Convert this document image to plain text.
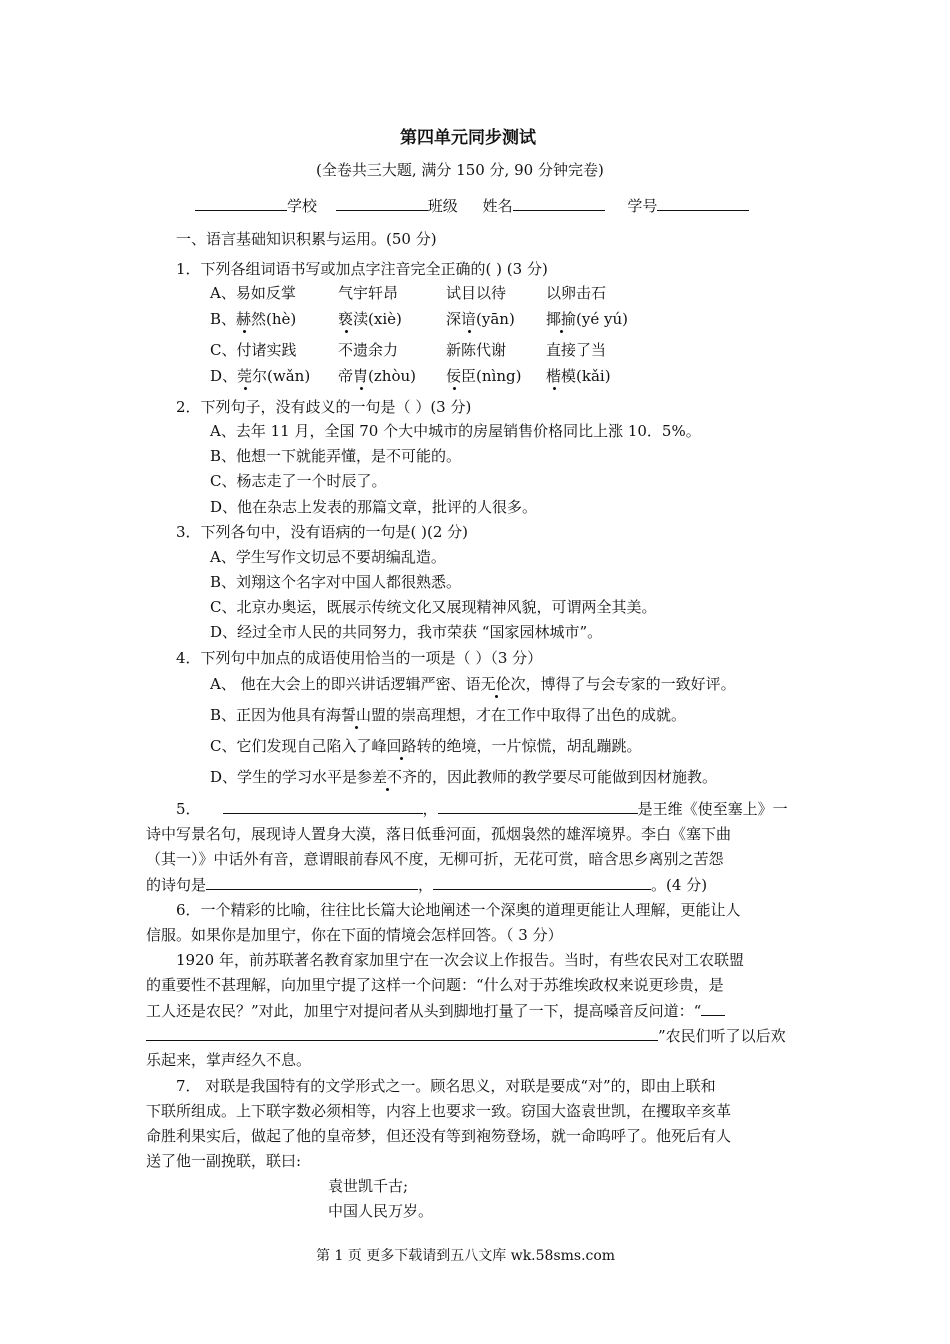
第四单元同步测试
(全卷共三大题, 满分 150 分, 90 分钟完卷)
学校	班级 姓名	学号
一、语言基础知识积累与运用。(50 分)
1．下列各组词语书写或加点字注音完全正确的( ) (3 分)
A、易如反掌	气宇轩昂	试目以待	以卵击石
B、赫然(hè)	亵渎(xiè)	深谙(yān) 揶揄(yé yú)
C、付诸实践	不遗余力	新陈代谢	直接了当
D、莞尔(wǎn) 帝胄(zhòu) 佞臣(nìng) 楷模(kǎi)
2．下列句子，没有歧义的一句是（ ）(3 分)
A、去年 11 月，全国 70 个大中城市的房屋销售价格同比上涨 10．5%。
B、他想一下就能弄懂，是不可能的。
C、杨志走了一个时辰了。
D、他在杂志上发表的那篇文章，批评的人很多。
3．下列各句中，没有语病的一句是( )(2 分)
A、学生写作文切忌不要胡编乱造。
B、刘翔这个名字对中国人都很熟悉。
C、北京办奥运，既展示传统文化又展现精神风貌，可谓两全其美。
D、经过全市人民的共同努力，我市荣获 “国家园林城市”。
4．下列句中加点的成语使用恰当的一项是（ ）（3 分）
A、 他在大会上的即兴讲话逻辑严密、语无伦次，博得了与会专家的一致好评。
B、正因为他具有海誓山盟的崇高理想，才在工作中取得了出色的成就。
C、它们发现自己陷入了峰回路转的绝境，一片惊慌，胡乱蹦跳。
D、学生的学习水平是参差不齐的，因此教师的教学要尽可能做到因材施教。
5．	，	是王维《使至塞上》一
诗中写景名句，展现诗人置身大漠，落日低垂河面，孤烟袅然的雄浑境界。李白《塞下曲
（其一）》中话外有音，意谓眼前春风不度，无柳可折，无花可赏，暗含思乡离别之苦怨
的诗句是	，	。(4 分)
6．一个精彩的比喻，往往比长篇大论地阐述一个深奥的道理更能让人理解，更能让人
信服。如果你是加里宁，你在下面的情境会怎样回答。（ 3 分）
1920 年，前苏联著名教育家加里宁在一次会议上作报告。当时，有些农民对工农联盟
的重要性不甚理解，向加里宁提了这样一个问题：“什么对于苏维埃政权来说更珍贵，是
工人还是农民？”对此，加里宁对提问者从头到脚地打量了一下，提高嗓音反问道：“
”农民们听了以后欢
乐起来，掌声经久不息。
7． 对联是我国特有的文学形式之一。顾名思义，对联是要成“对”的，即由上联和
下联所组成。上下联字数必须相等，内容上也要求一致。窃国大盗袁世凯，在攫取辛亥革
命胜利果实后，做起了他的皇帝梦，但还没有等到袍笏登场，就一命呜呼了。他死后有人
送了他一副挽联，联曰:
袁世凯千古;
中国人民万岁。
第 1 页 更多下载请到五八文库 wk.58sms.com
